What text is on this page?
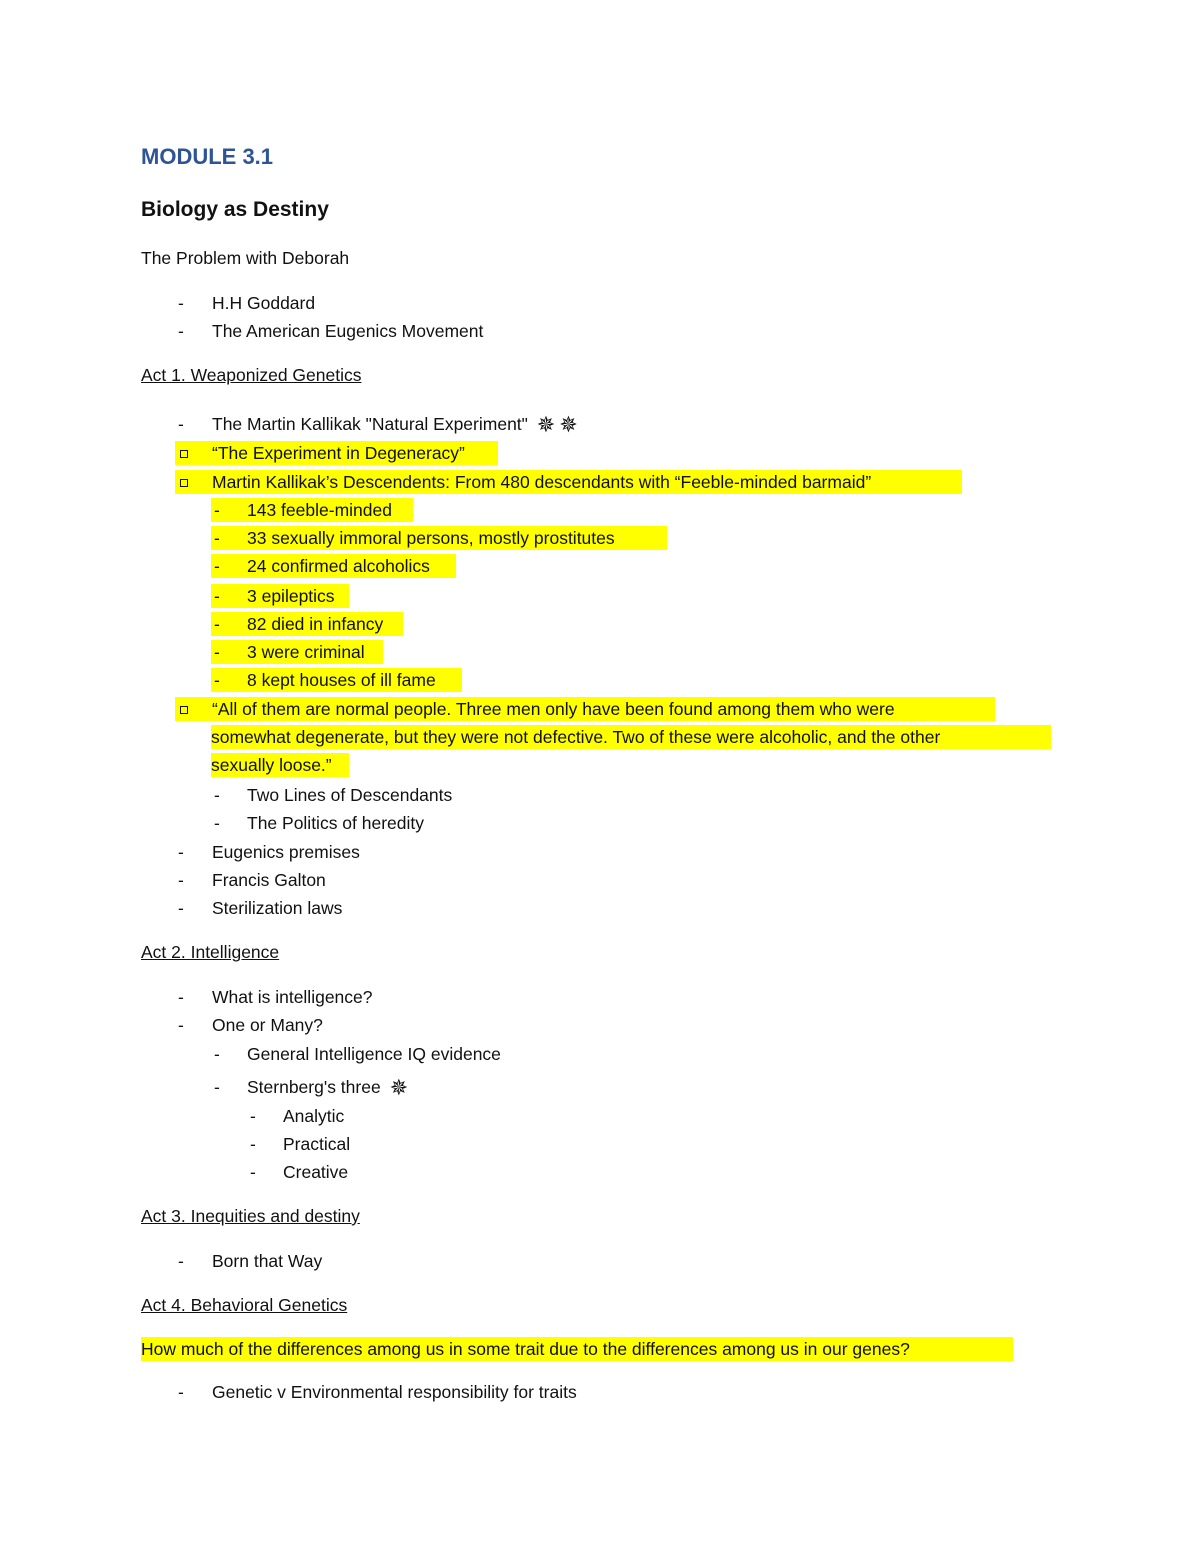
MODULE 3.1
Biology as Destiny
The Problem with Deborah
- H.H Goddard
- The American Eugenics Movement
Act 1. Weaponized Genetics
- The Martin Kallikak "Natural Experiment" ✵ ✵
“The Experiment in Degeneracy”
Martin Kallikak’s Descendents: From 480 descendants with “Feeble-minded barmaid”
- 143 feeble-minded
- 33 sexually immoral persons, mostly prostitutes
- 24 confirmed alcoholics
- 3 epileptics
- 82 died in infancy
- 3 were criminal
- 8 kept houses of ill fame
“All of them are normal people. Three men only have been found among them who were
somewhat degenerate, but they were not defective. Two of these were alcoholic, and the other
sexually loose.”
- Two Lines of Descendants
- The Politics of heredity
- Eugenics premises
- Francis Galton
- Sterilization laws
Act 2. Intelligence
- What is intelligence?
- One or Many?
- General Intelligence IQ evidence
- Sternberg's three ✵
- Analytic
- Practical
- Creative
Act 3. Inequities and destiny
- Born that Way
Act 4. Behavioral Genetics
How much of the differences among us in some trait due to the differences among us in our genes?
- Genetic v Environmental responsibility for traits
